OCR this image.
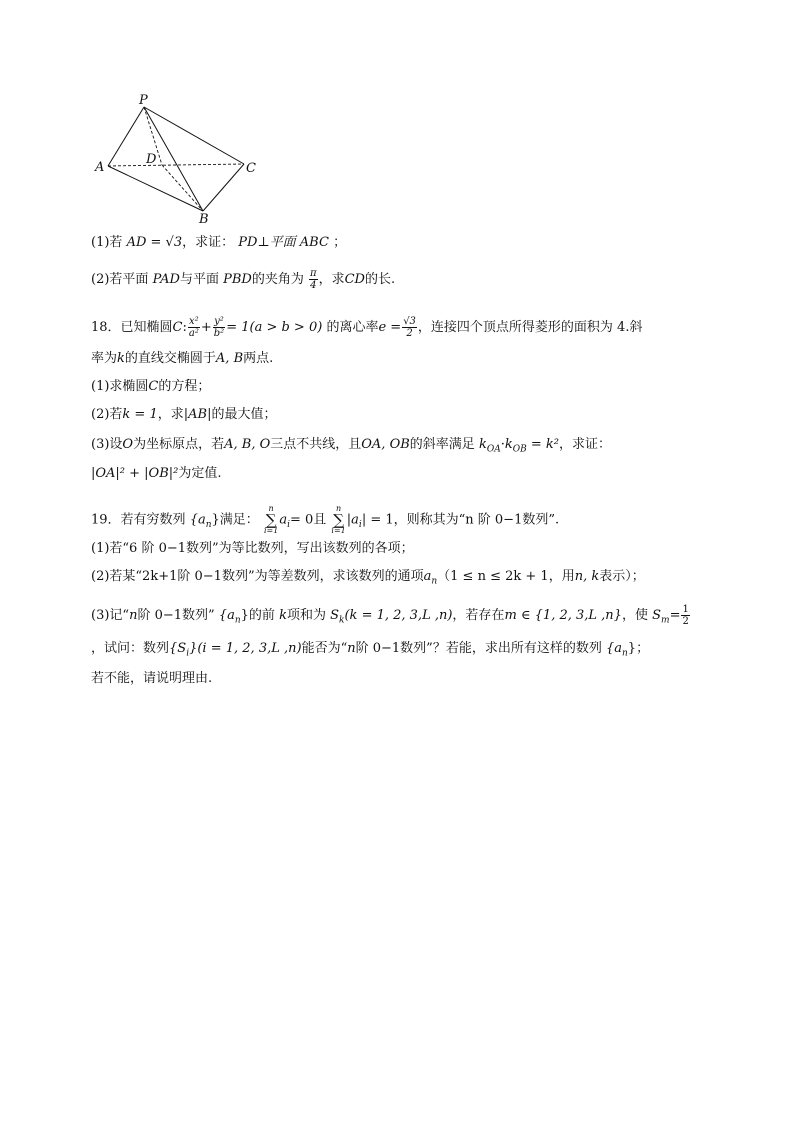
P
A
D
C
B
(1)若 AD = √3，求证： PD⊥平面 ABC ；
(2)若平面 PAD与平面 PBD的夹角为 $\frac{\pi}{4}$ ，求CD的长.
18．已知椭圆C: $\frac{\text{x²}}{\text{a²}} + \frac{\text{y²}}{\text{b²}} = 1(a > b > 0)$ 的离心率$e = \frac{√3}{2}$ ，连接四个顶点所得菱形的面积为 4.斜
率为k的直线交椭圆于A, B两点.
(1)求椭圆C的方程；
(2)若k = 1，求|AB|的最大值；
(3)设O为坐标原点，若A, B, O三点不共线，且OA, OB的斜率满足 $k_{OA}\cdot k_{OB} = k^2$，求证：
|OA|² + |OB|²为定值.
19．若有穷数列 $\{a_n\}$满足： n
∑
$i=1a_i= 0$且 n
∑
$i=1|a_i| = 1$，则称其为“n 阶 0−1数列”.
(1)若“6 阶 0−1数列”为等比数列，写出该数列的各项；
(2)若某“2k+1阶 0−1数列”为等差数列，求该数列的通项$a_n(1 \le n \le 2k + 1$，用n, k表示）；
(3)记“n阶 0−1数列” $\{a_n\}$的前 k项和为 $S_k(k = 1$, 2, 3,L ,n)，若存在m ∈ {1, 2, 3,L ,n}，使 $S_m= \frac{1}{2}$
，试问：数列$\{S_i\}(i = 1$, 2, 3,L ,n)能否为“n阶 0−1数列”？若能，求出所有这样的数列 $\{a_n\}$；
若不能，请说明理由.
